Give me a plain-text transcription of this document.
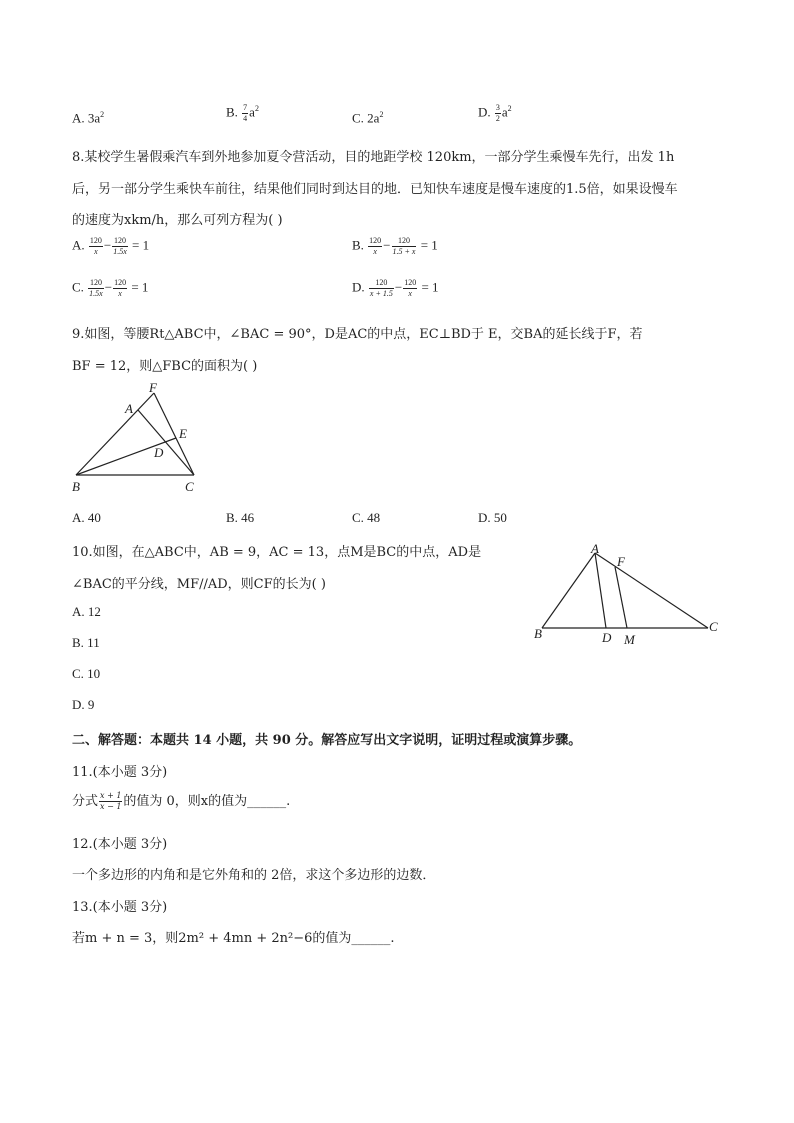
A. $3a^2$	B. $\frac{7}{4} a^2$
C. $2a^2$	D. $\frac{3}{2} a^2$
8.某校学生暑假乘汽车到外地参加夏令营活动，目的地距学校 120km，一部分学生乘慢车先行，出发 1h
后，另一部分学生乘快车前往，结果他们同时到达目的地．已知快车速度是慢车速度的1.5倍，如果设慢车
的速度为xkm/h，那么可列方程为( )
A. $\frac{120}{x} - \frac{120}{1.5x} = 1$	B. $\frac{120}{x} - \frac{120}{1.5 + x} = 1$
C. $\frac{120}{1.5x} - \frac{120}{x} = 1$	D. $\frac{120}{x + 1.5} - \frac{120}{x} = 1$
9.如图，等腰Rt△ABC中，∠BAC = 90°，D是AC的中点，EC⊥BD于 E，交BA的延长线于F，若
BF = 12，则△FBC的面积为( )
F
A
E
D
B	C
A. 40	B. 46	C. 48	D. 50
10.如图，在△ABC中，AB = 9，AC = 13，点M是BC的中点，AD是
∠BAC的平分线，MF//AD，则CF的长为( )
A
F
B	D M
C
A. 12
B. 11
C. 10
D. 9
二、解答题：本题共 14 小题，共 90 分。解答应写出文字说明，证明过程或演算步骤。
11.(本小题 3分)
分式 $\frac{x + 1}{x - 1}$ 的值为 0，则x的值为______.
12.(本小题 3分)
一个多边形的内角和是它外角和的 2倍，求这个多边形的边数．
13.(本小题 3分)
若m + n = 3，则2m² + 4mn + 2n²−6的值为______.
